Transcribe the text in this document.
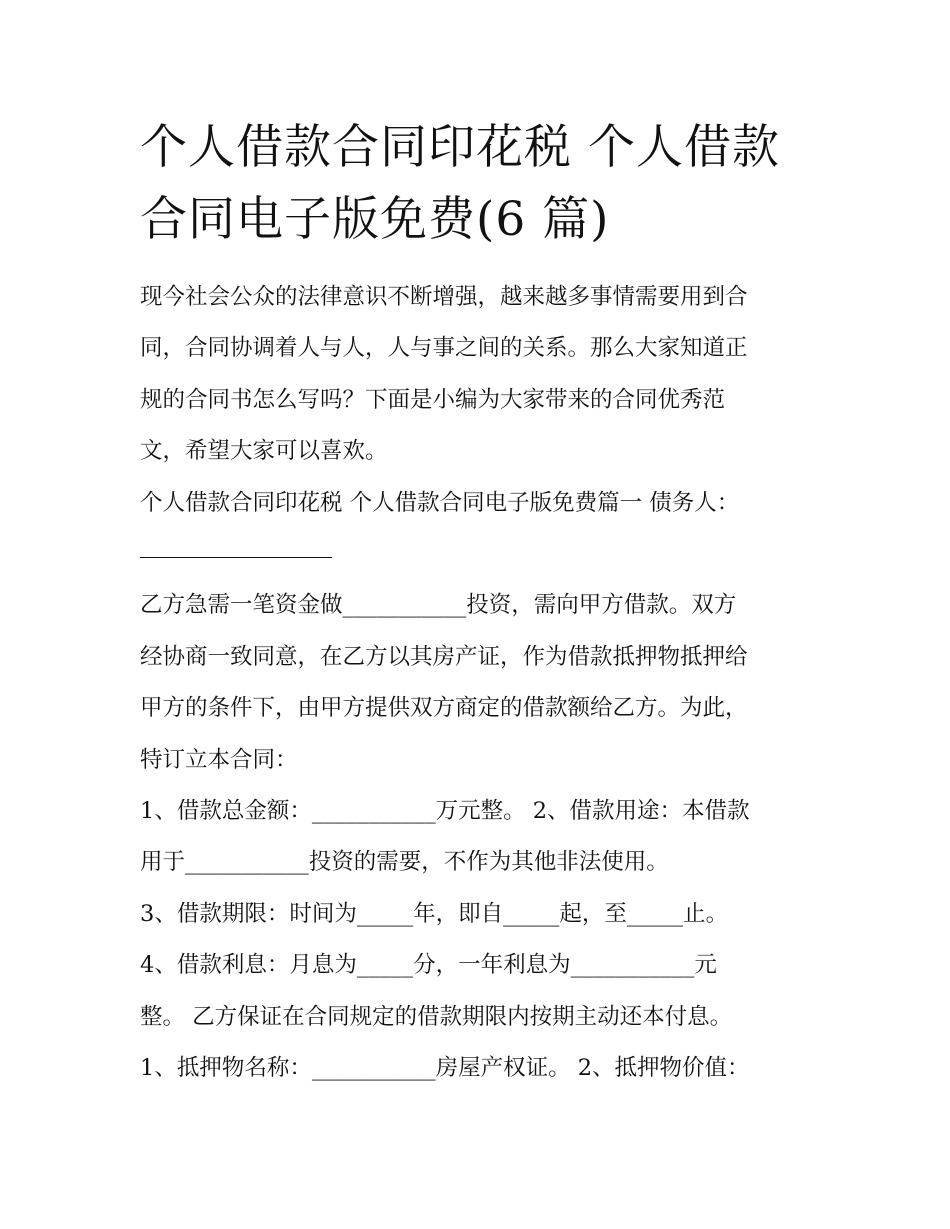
个人借款合同印花税 个人借款
合同电子版免费(6 篇)

现今社会公众的法律意识不断增强，越来越多事情需要用到合
同，合同协调着人与人，人与事之间的关系。那么大家知道正
规的合同书怎么写吗？下面是小编为大家带来的合同优秀范
文，希望大家可以喜欢。

个人借款合同印花税 个人借款合同电子版免费篇一 债务人：

乙方急需一笔资金做___________投资，需向甲方借款。双方
经协商一致同意，在乙方以其房产证，作为借款抵押物抵押给
甲方的条件下，由甲方提供双方商定的借款额给乙方。为此，
特订立本合同：

1、借款总金额：___________万元整。 2、借款用途：本借款
用于___________投资的需要，不作为其他非法使用。

3、借款期限：时间为_____年，即自_____起，至_____止。

4、借款利息：月息为_____分，一年利息为___________元
整。 乙方保证在合同规定的借款期限内按期主动还本付息。

1、抵押物名称：___________房屋产权证。 2、抵押物价值：
